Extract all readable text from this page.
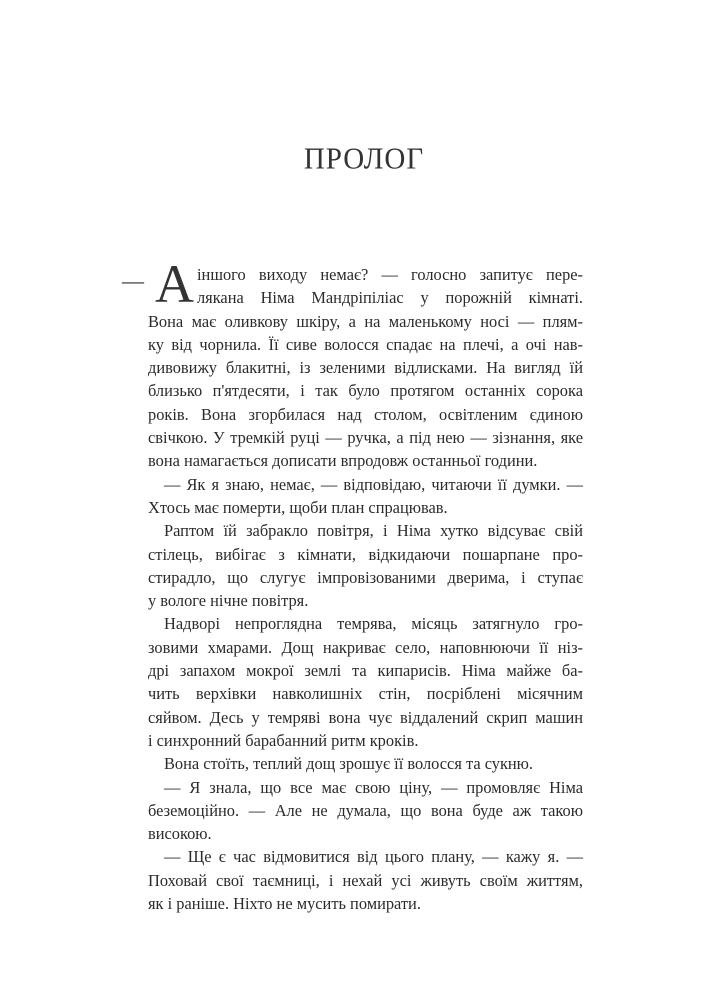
ПРОЛОГ
— А іншого виходу немає? — голосно запитує пере-
лякана Німа Мандріпіліас у порожній кімнаті.
Вона має оливкову шкіру, а на маленькому носі — плям-
ку від чорнила. Її сиве волосся спадає на плечі, а очі нав-
дивовижу блакитні, із зеленими відлисками. На вигляд їй
близько п'ятдесяти, і так було протягом останніх сорока
років. Вона згорбилася над столом, освітленим єдиною
свічкою. У тремкій руці — ручка, а під нею — зізнання, яке
вона намагається дописати впродовж останньої години.
— Як я знаю, немає, — відповідаю, читаючи її думки. —
Хтось має померти, щоби план спрацював.
Раптом їй забракло повітря, і Німа хутко відсуває свій
стілець, вибігає з кімнати, відкидаючи пошарпане про-
стирадло, що слугує імпровізованими дверима, і ступає
у вологе нічне повітря.
Надворі непроглядна темрява, місяць затягнуло гро-
зовими хмарами. Дощ накриває село, наповнюючи її ніз-
дрі запахом мокрої землі та кипарисів. Німа майже ба-
чить верхівки навколишніх стін, посріблені місячним
сяйвом. Десь у темряві вона чує віддалений скрип машин
і синхронний барабанний ритм кроків.
Вона стоїть, теплий дощ зрошує її волосся та сукню.
— Я знала, що все має свою ціну, — промовляє Німа
беземоційно. — Але не думала, що вона буде аж такою
високою.
— Ще є час відмовитися від цього плану, — кажу я. —
Поховай свої таємниці, і нехай усі живуть своїм життям,
як і раніше. Ніхто не мусить помирати.
